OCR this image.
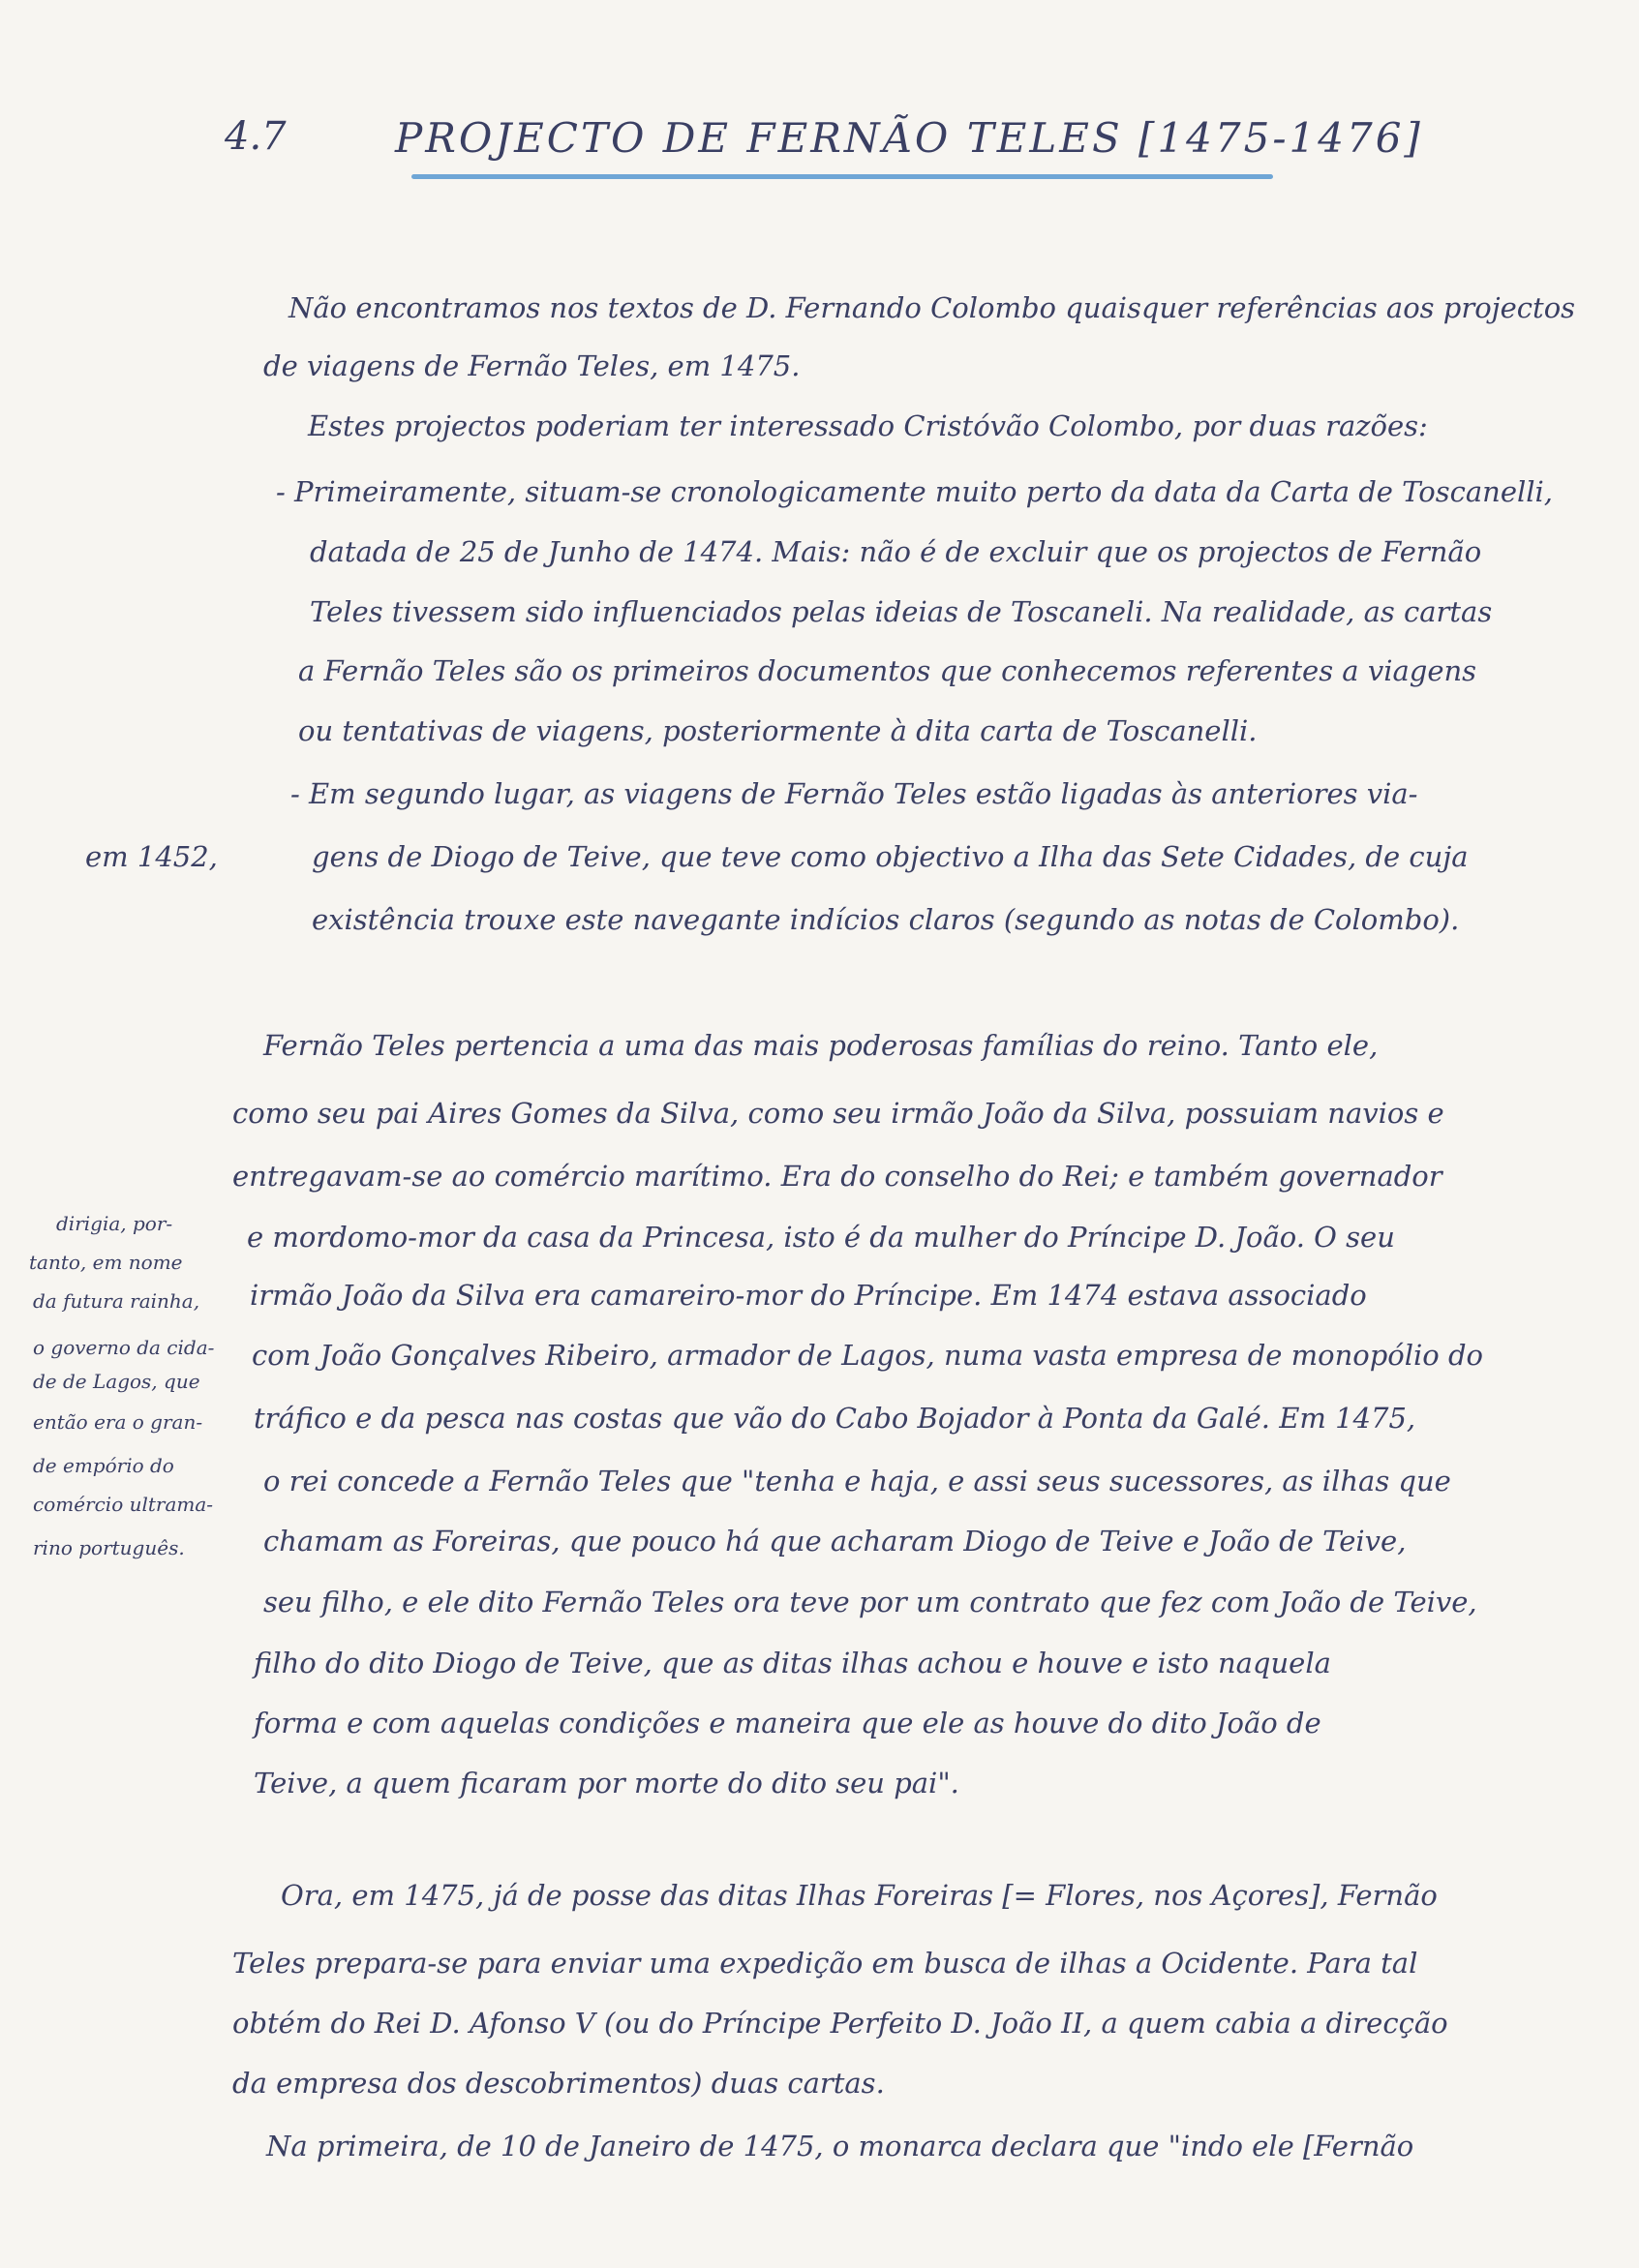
4.7	PROJECTO DE FERNÃO TELES [1475-1476]
Não encontramos nos textos de D. Fernando Colombo quaisquer referências aos projectos
de viagens de Fernão Teles, em 1475.
Estes projectos poderiam ter interessado Cristóvão Colombo, por duas razões:
- Primeiramente, situam-se cronologicamente muito perto da data da Carta de Toscanelli,
datada de 25 de Junho de 1474. Mais: não é de excluir que os projectos de Fernão
Teles tivessem sido influenciados pelas ideias de Toscaneli. Na realidade, as cartas
a Fernão Teles são os primeiros documentos que conhecemos referentes a viagens
ou tentativas de viagens, posteriormente à dita carta de Toscanelli.
- Em segundo lugar, as viagens de Fernão Teles estão ligadas às anteriores via-
gens de Diogo de Teive, que teve como objectivo a Ilha das Sete Cidades, de cuja
existência trouxe este navegante indícios claros (segundo as notas de Colombo).
em 1452,
Fernão Teles pertencia a uma das mais poderosas famílias do reino. Tanto ele,
como seu pai Aires Gomes da Silva, como seu irmão João da Silva, possuiam navios e
entregavam-se ao comércio marítimo. Era do conselho do Rei; e também governador
e mordomo-mor da casa da Princesa, isto é da mulher do Príncipe D. João. O seu
irmão João da Silva era camareiro-mor do Príncipe. Em 1474 estava associado
com João Gonçalves Ribeiro, armador de Lagos, numa vasta empresa de monopólio do
tráfico e da pesca nas costas que vão do Cabo Bojador à Ponta da Galé. Em 1475,
o rei concede a Fernão Teles que "tenha e haja, e assi seus sucessores, as ilhas que
chamam as Foreiras, que pouco há que acharam Diogo de Teive e João de Teive,
seu filho, e ele dito Fernão Teles ora teve por um contrato que fez com João de Teive,
filho do dito Diogo de Teive, que as ditas ilhas achou e houve e isto naquela
forma e com aquelas condições e maneira que ele as houve do dito João de
Teive, a quem ficaram por morte do dito seu pai".
dirigia, por-
tanto, em nome
da futura rainha,
o governo da cida-
de de Lagos, que
então era o gran-
de empório do
comércio ultrama-
rino português.
Ora, em 1475, já de posse das ditas Ilhas Foreiras [= Flores, nos Açores], Fernão
Teles prepara-se para enviar uma expedição em busca de ilhas a Ocidente. Para tal
obtém do Rei D. Afonso V (ou do Príncipe Perfeito D. João II, a quem cabia a direcção
da empresa dos descobrimentos) duas cartas.
Na primeira, de 10 de Janeiro de 1475, o monarca declara que "indo ele [Fernão
